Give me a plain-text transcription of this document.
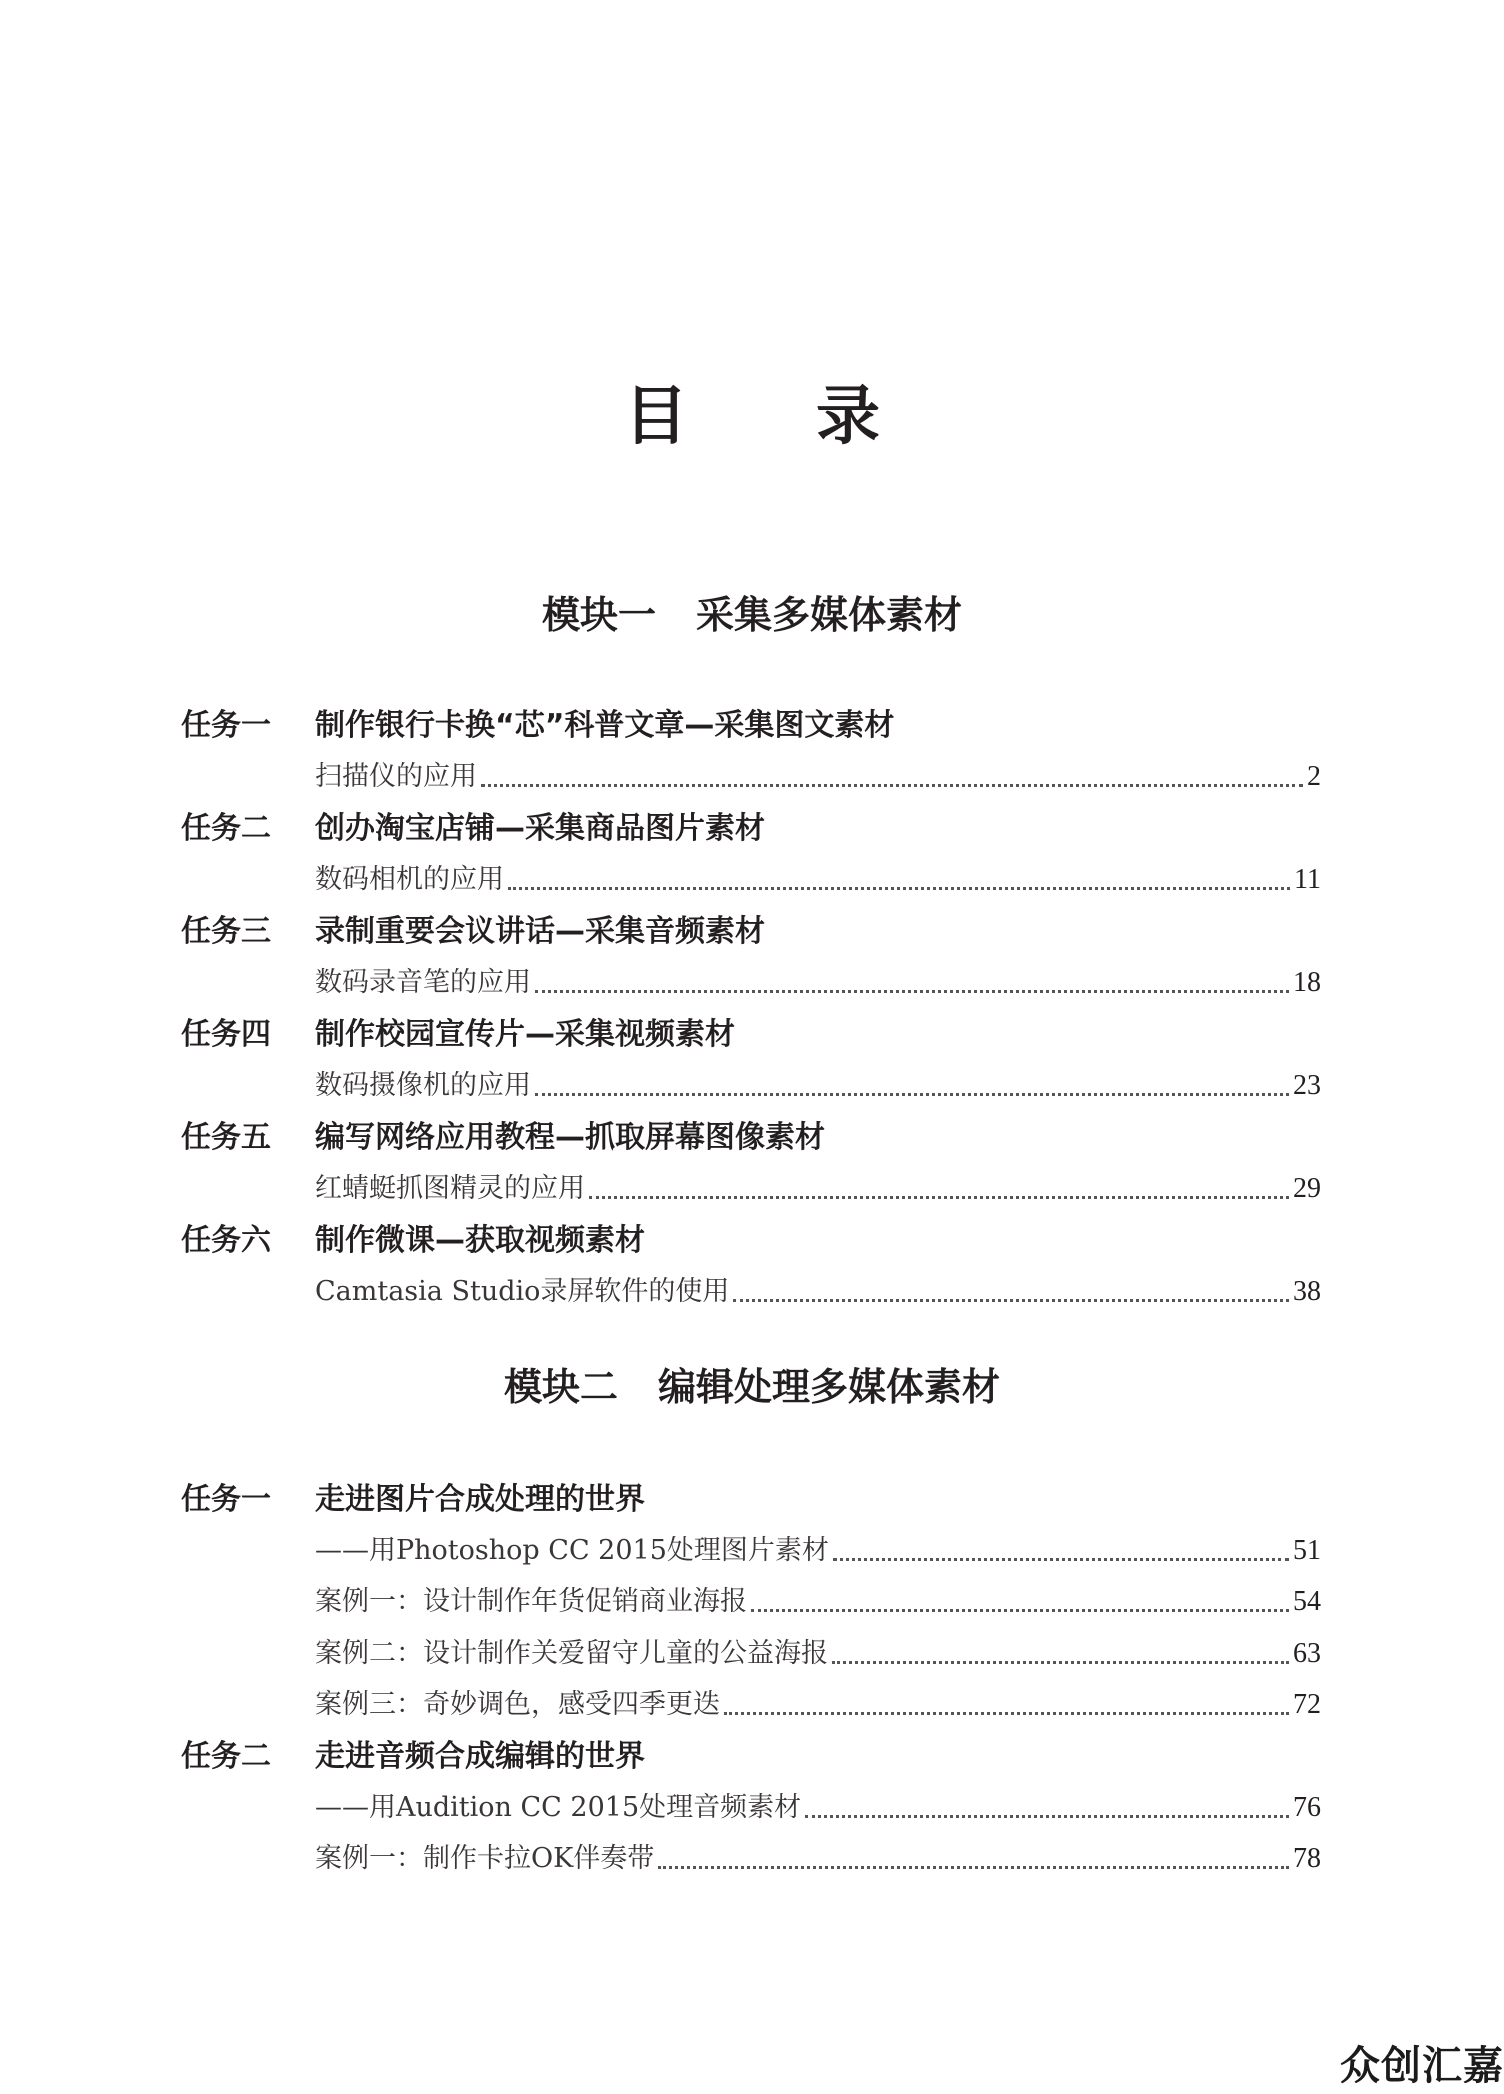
目 录
模块一 采集多媒体素材
任务一 制作银行卡换“芯”科普文章—采集图文素材
扫描仪的应用	2
任务二 创办淘宝店铺—采集商品图片素材
数码相机的应用	11
任务三 录制重要会议讲话—采集音频素材
数码录音笔的应用	18
任务四 制作校园宣传片—采集视频素材
数码摄像机的应用	23
任务五 编写网络应用教程—抓取屏幕图像素材
红蜻蜓抓图精灵的应用	29
任务六 制作微课—获取视频素材
Camtasia Studio录屏软件的使用	38
模块二 编辑处理多媒体素材
任务一 走进图片合成处理的世界
——用Photoshop CC 2015处理图片素材	51
案例一：设计制作年货促销商业海报	54
案例二：设计制作关爱留守儿童的公益海报	63
案例三：奇妙调色，感受四季更迭	72
任务二 走进音频合成编辑的世界
——用Audition CC 2015处理音频素材	76
案例一：制作卡拉OK伴奏带	78
众创汇嘉
